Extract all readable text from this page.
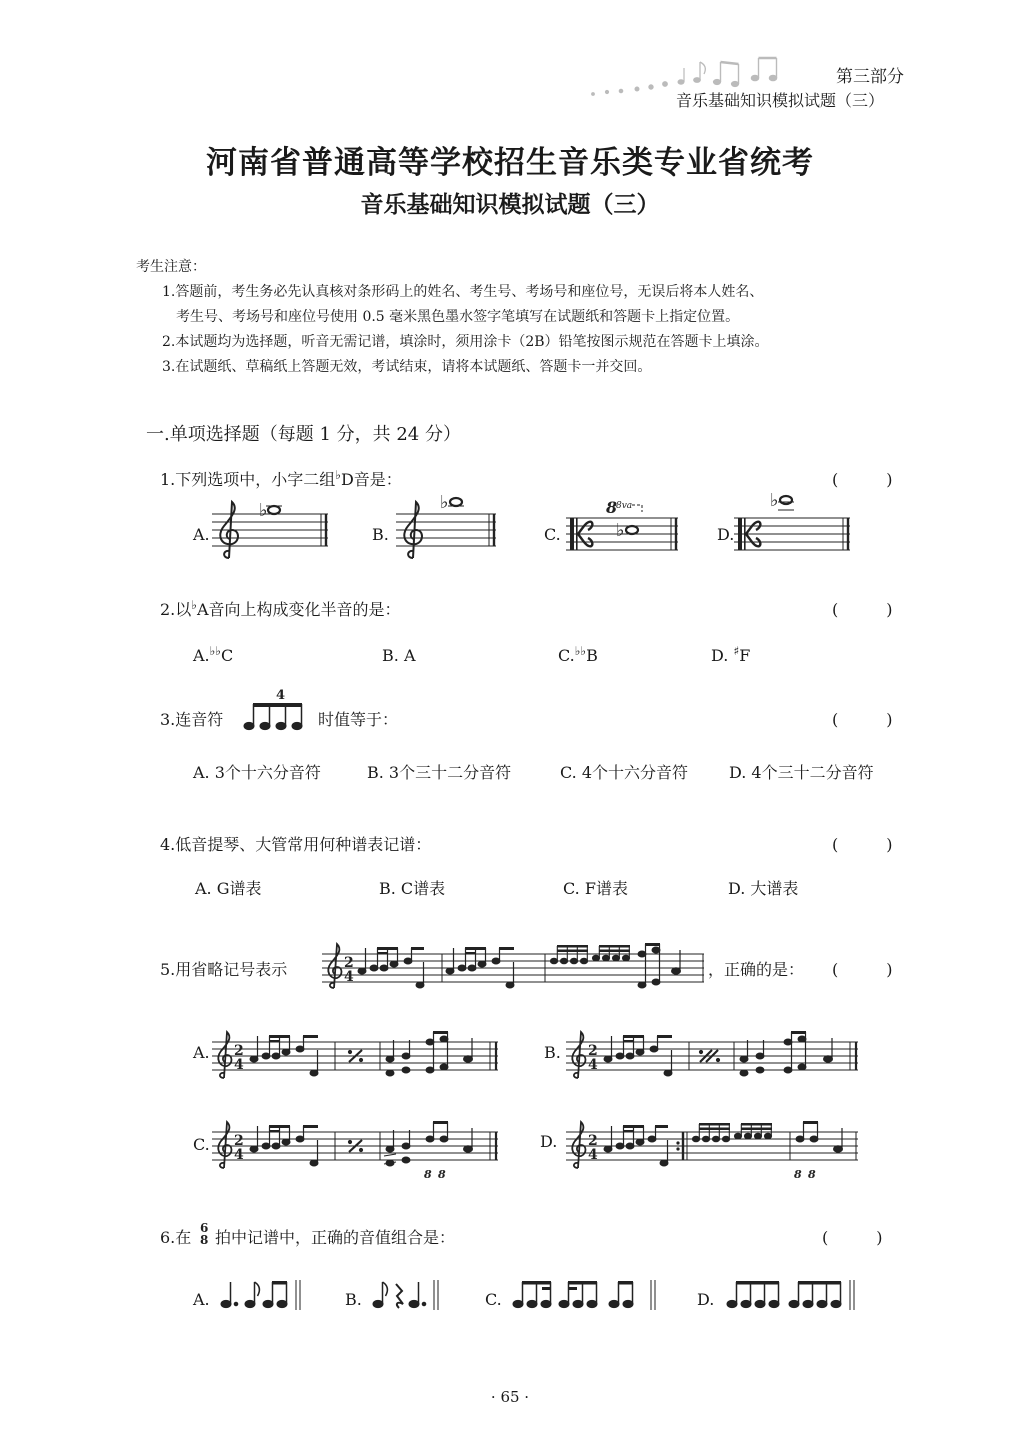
第三部分
音乐基础知识模拟试题（三）
河南省普通高等学校招生音乐类专业省统考
音乐基础知识模拟试题（三）
考生注意：
1.答题前，考生务必先认真核对条形码上的姓名、考生号、考场号和座位号，无误后将本人姓名、
考生号、考场号和座位号使用 0.5 毫米黑色墨水签字笔填写在试题纸和答题卡上指定位置。
2.本试题均为选择题，听音无需记谱，填涂时，须用涂卡（2B）铅笔按图示规范在答题卡上填涂。
3.在试题纸、草稿纸上答题无效，考试结束，请将本试题纸、答题卡一并交回。
一.单项选择题（每题 1 分，共 24 分）
1.下列选项中，小字二组♭D音是：	(　　　)
A.	B.	C.	D.
♭	♭	8
8va
♭
♭
2.以♭A音向上构成变化半音的是：	(　　　)
A.♭♭C	B. A	C.♭♭B	D. ♯F
3.连音符
4
时值等于：	(　　　)
A. 3个十六分音符	B. 3个三十二分音符	C. 4个十六分音符	D. 4个三十二分音符
4.低音提琴、大管常用何种谱表记谱：	(　　　)
A. G谱表	B. C谱表	C. F谱表	D. 大谱表
5.用省略记号表示	2
4	，正确的是： (　　　)
A.	B.
C.	D.
2
4
2
4
2
4
8 8
2
4
8 8
6.在 6
8 拍中记谱中，正确的音值组合是：	(　　　)
A.	B.	C.	D.
· 65 ·
